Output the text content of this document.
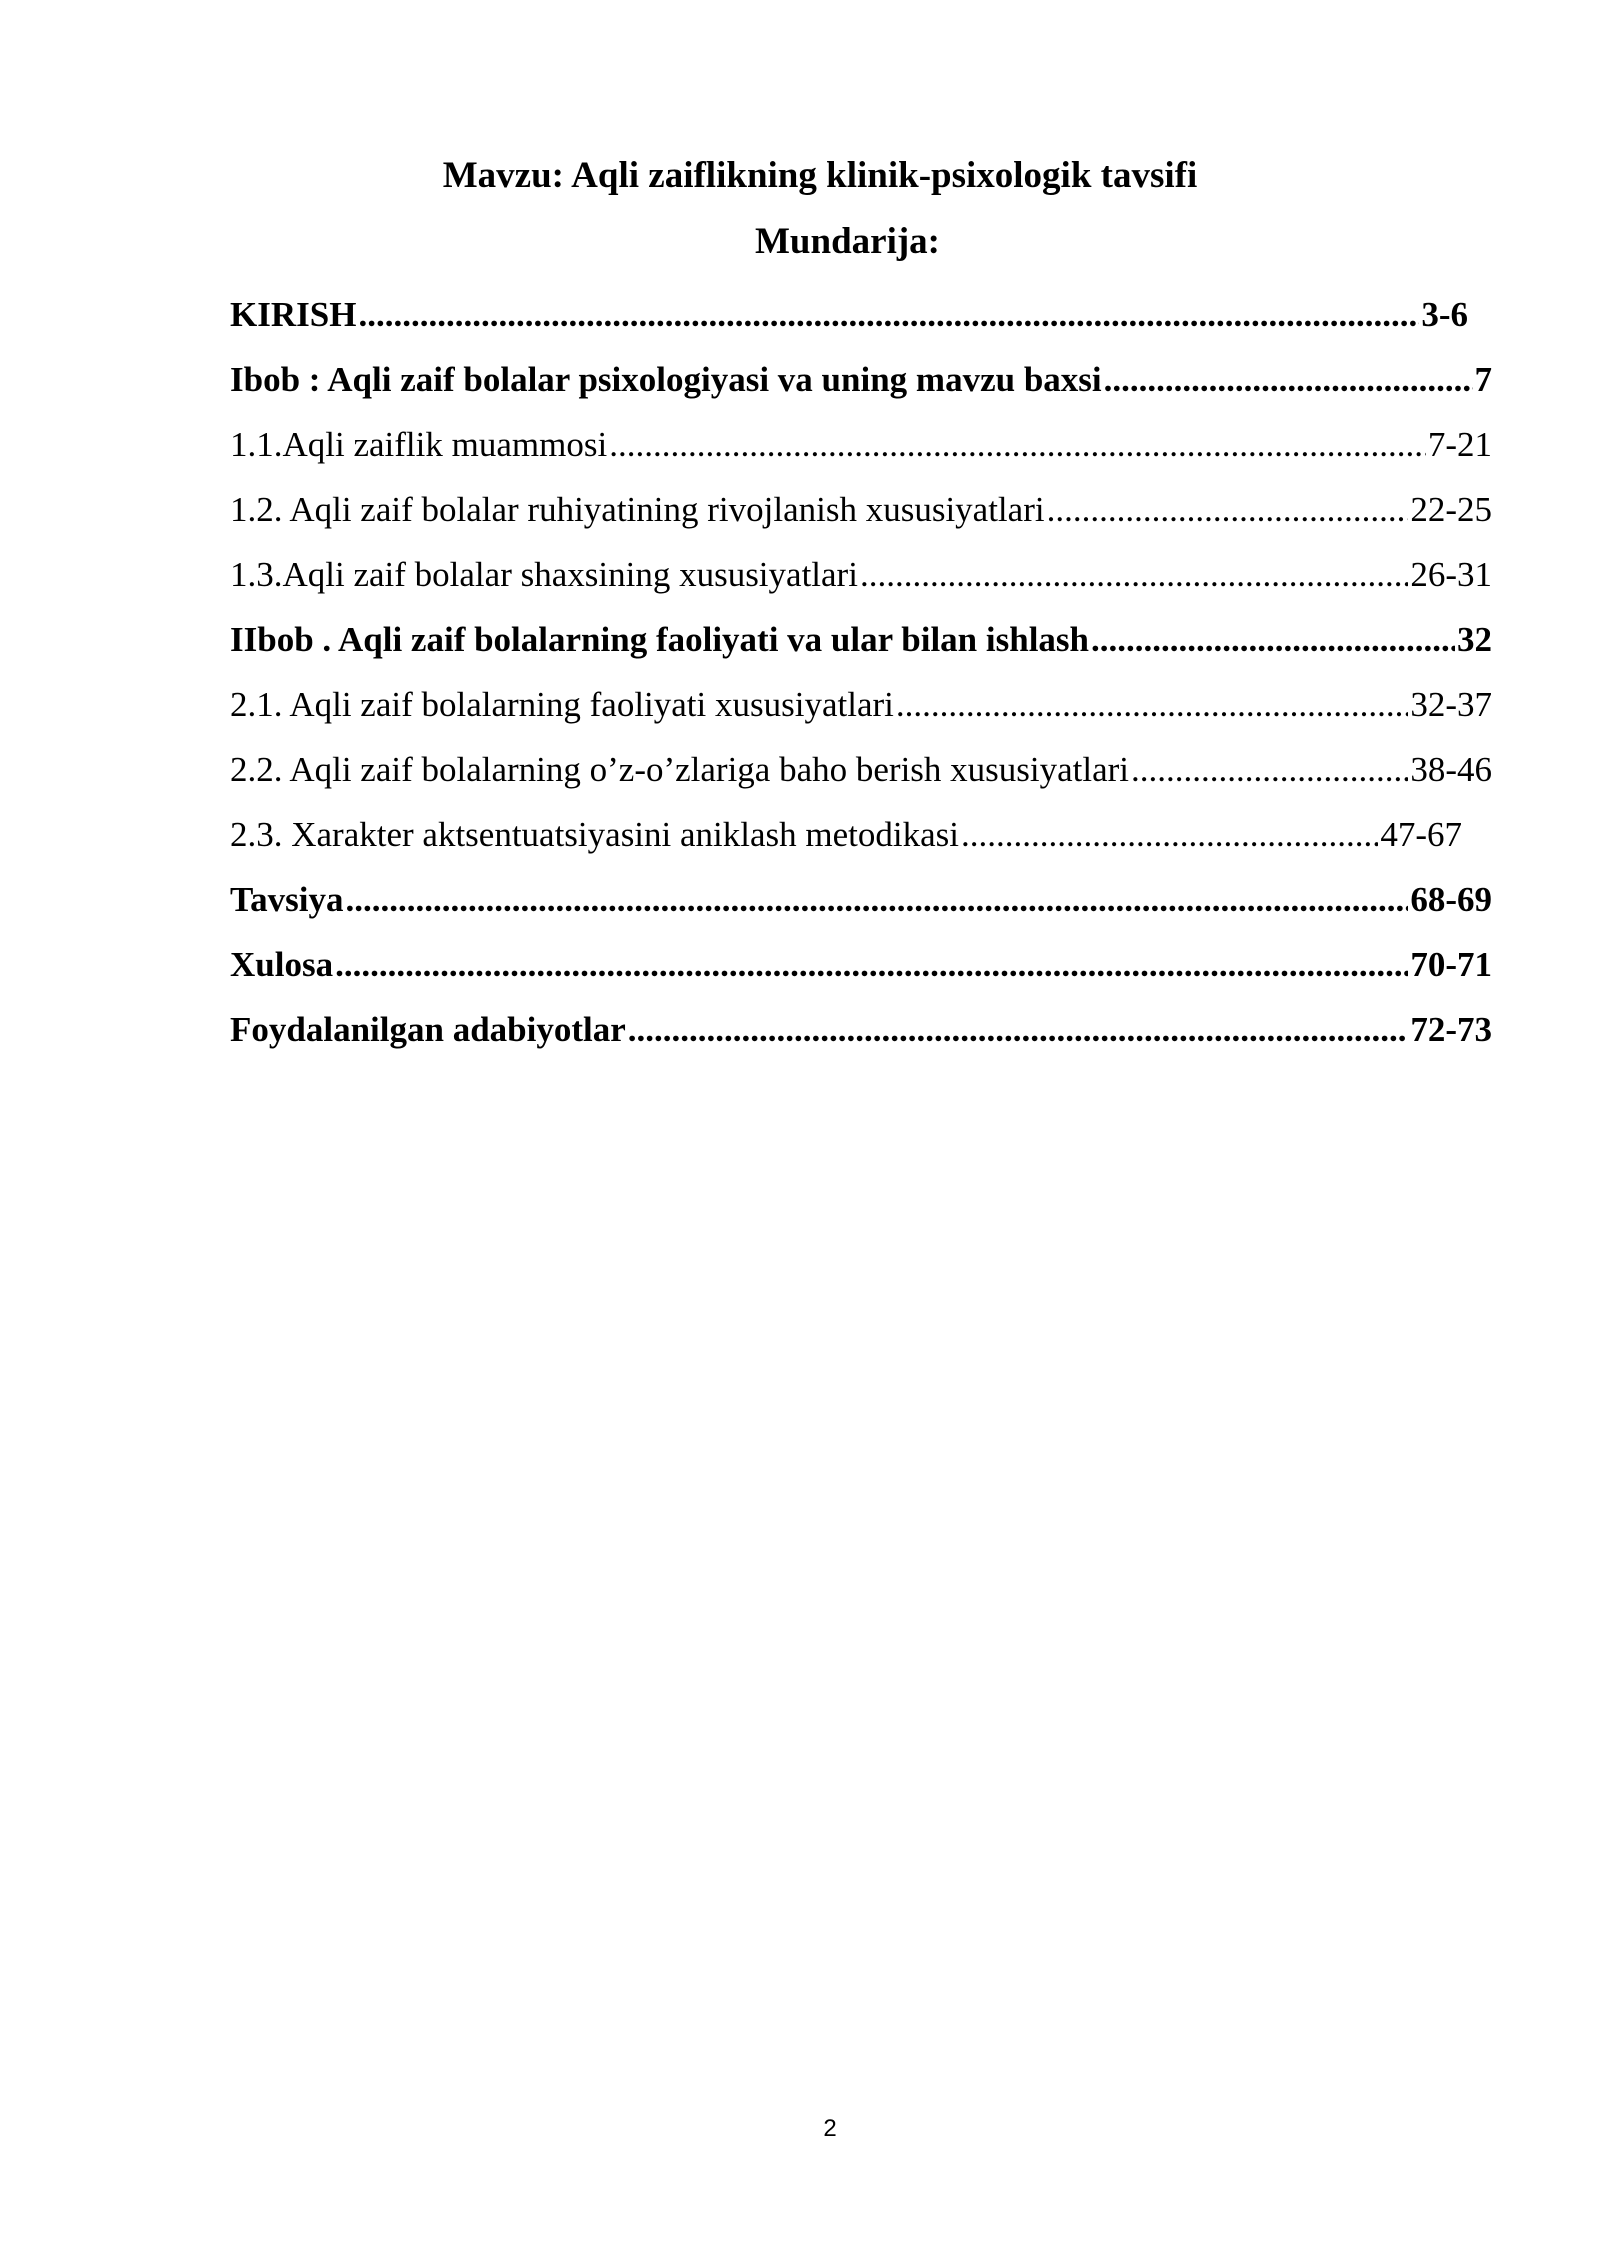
Mavzu: Aqli zaiflikning klinik-psixologik tavsifi
Mundarija:
KIRISH .....	3-6
Ibob : Aqli zaif bolalar psixologiyasi va uning mavzu baxsi .....	7
1.1.Aqli zaiflik muammosi .....	7-21
1.2. Aqli zaif bolalar ruhiyatining rivojlanish xususiyatlari .....	22-25
1.3.Aqli zaif bolalar shaxsining xususiyatlari .....	26-31
IIbob . Aqli zaif bolalarning faoliyati va ular bilan ishlash .....	32
2.1. Aqli zaif bolalarning faoliyati xususiyatlari .....	32-37
2.2. Aqli zaif bolalarning o’z-o’zlariga baho berish xususiyatlari .....	38-46
2.3. Xarakter aktsentuatsiyasini aniklash metodikasi .....	47-67
Tavsiya .....	68-69
Xulosa .....	70-71
Foydalanilgan adabiyotlar .....	72-73
2
